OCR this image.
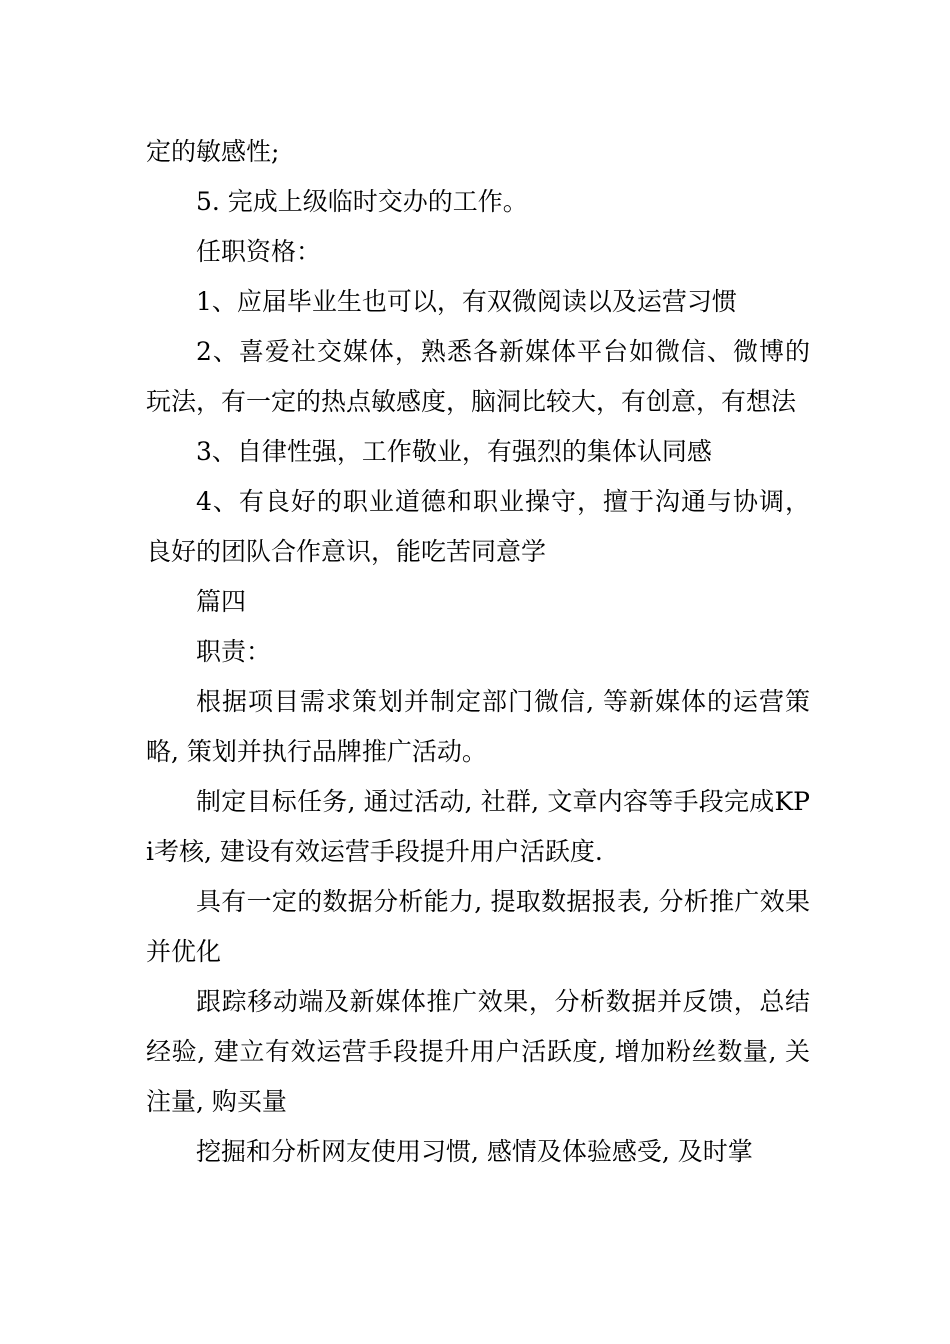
定的敏感性;

5. 完成上级临时交办的工作。

任职资格：

1、应届毕业生也可以，有双微阅读以及运营习惯

2、喜爱社交媒体，熟悉各新媒体平台如微信、微博的玩法，有一定的热点敏感度，脑洞比较大，有创意，有想法

3、自律性强，工作敬业，有强烈的集体认同感

4、有良好的职业道德和职业操守，擅于沟通与协调，良好的团队合作意识，能吃苦同意学

篇四

职责：

根据项目需求策划并制定部门微信, 等新媒体的运营策略, 策划并执行品牌推广活动。

制定目标任务, 通过活动, 社群, 文章内容等手段完成KPi考核, 建设有效运营手段提升用户活跃度.

具有一定的数据分析能力, 提取数据报表, 分析推广效果并优化

跟踪移动端及新媒体推广效果，分析数据并反馈，总结经验, 建立有效运营手段提升用户活跃度, 增加粉丝数量, 关注量, 购买量

挖掘和分析网友使用习惯, 感情及体验感受, 及时掌
